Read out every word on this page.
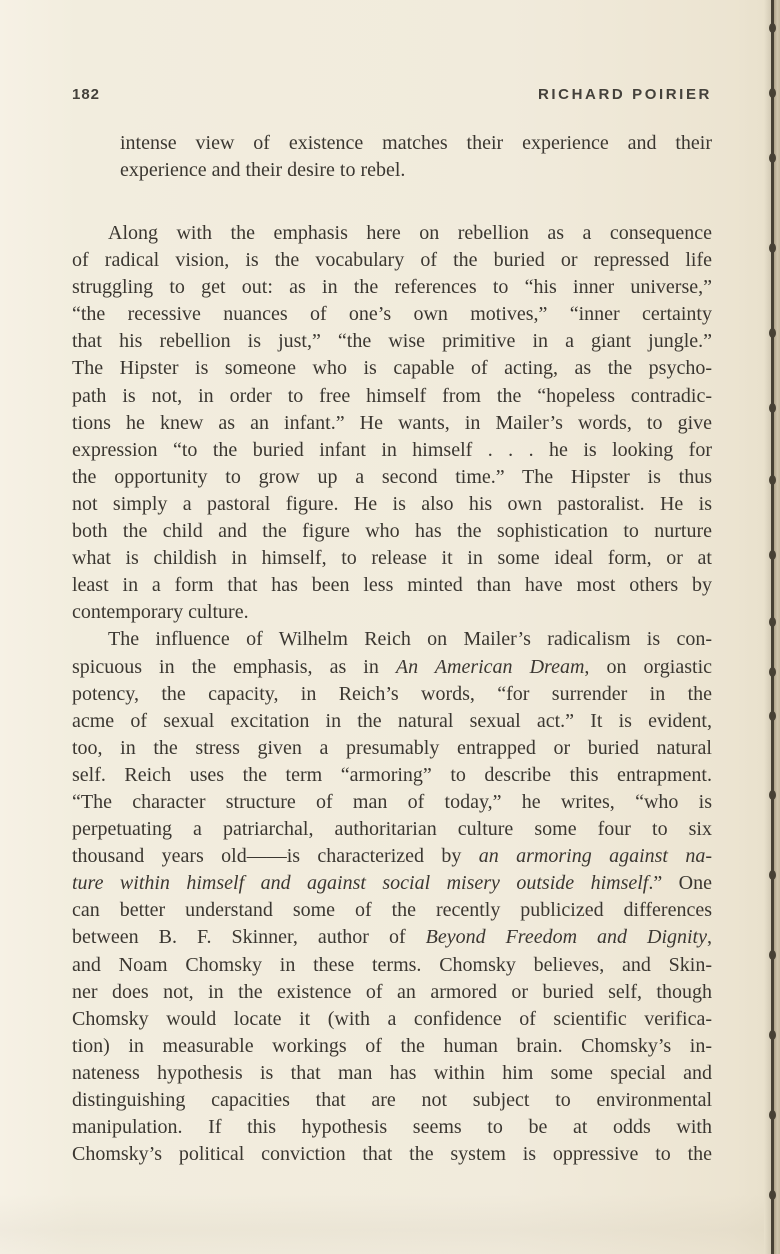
182	RICHARD POIRIER
intense view of existence matches their experience and their
experience and their desire to rebel.
Along with the emphasis here on rebellion as a consequence
of radical vision, is the vocabulary of the buried or repressed life
struggling to get out: as in the references to “his inner universe,”
“the recessive nuances of one’s own motives,” “inner certainty
that his rebellion is just,” “the wise primitive in a giant jungle.”
The Hipster is someone who is capable of acting, as the psycho-
path is not, in order to free himself from the “hopeless contradic-
tions he knew as an infant.” He wants, in Mailer’s words, to give
expression “to the buried infant in himself . . . he is looking for
the opportunity to grow up a second time.” The Hipster is thus
not simply a pastoral figure. He is also his own pastoralist. He is
both the child and the figure who has the sophistication to nurture
what is childish in himself, to release it in some ideal form, or at
least in a form that has been less minted than have most others by
contemporary culture.
The influence of Wilhelm Reich on Mailer’s radicalism is con-
spicuous in the emphasis, as in An American Dream, on orgiastic
potency, the capacity, in Reich’s words, “for surrender in the
acme of sexual excitation in the natural sexual act.” It is evident,
too, in the stress given a presumably entrapped or buried natural
self. Reich uses the term “armoring” to describe this entrapment.
“The character structure of man of today,” he writes, “who is
perpetuating a patriarchal, authoritarian culture some four to six
thousand years old——is characterized by an armoring against na-
ture within himself and against social misery outside himself.” One
can better understand some of the recently publicized differences
between B. F. Skinner, author of Beyond Freedom and Dignity,
and Noam Chomsky in these terms. Chomsky believes, and Skin-
ner does not, in the existence of an armored or buried self, though
Chomsky would locate it (with a confidence of scientific verifica-
tion) in measurable workings of the human brain. Chomsky’s in-
nateness hypothesis is that man has within him some special and
distinguishing capacities that are not subject to environmental
manipulation. If this hypothesis seems to be at odds with
Chomsky’s political conviction that the system is oppressive to the
